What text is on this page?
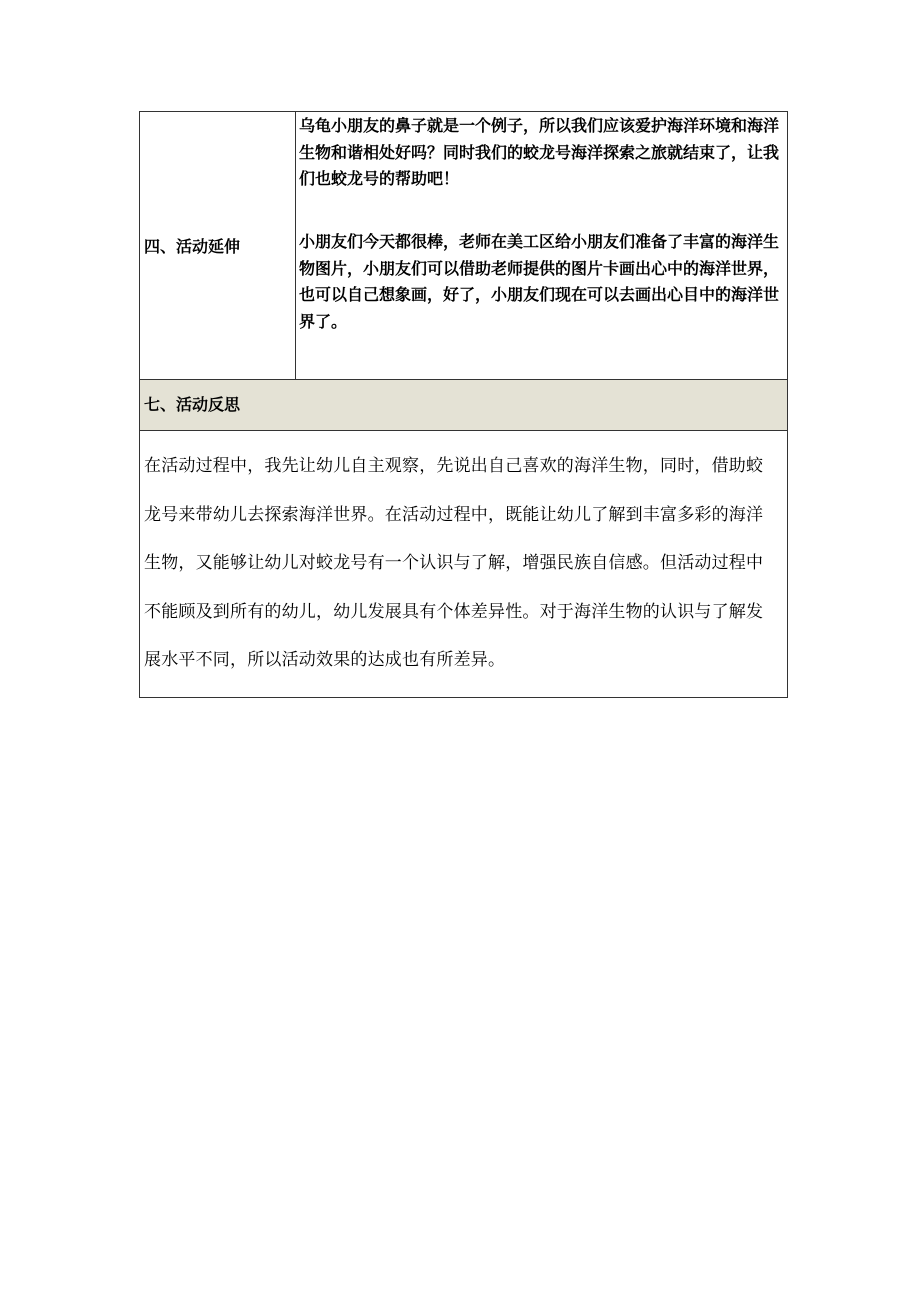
四、活动延伸

乌龟小朋友的鼻子就是一个例子，所以我们应该爱护海洋环境和海洋生物和谐相处好吗？同时我们的蛟龙号海洋探索之旅就结束了，让我们也蛟龙号的帮助吧！

小朋友们今天都很棒，老师在美工区给小朋友们准备了丰富的海洋生物图片，小朋友们可以借助老师提供的图片卡画出心中的海洋世界，也可以自己想象画，好了，小朋友们现在可以去画出心目中的海洋世界了。

七、活动反思

在活动过程中，我先让幼儿自主观察，先说出自己喜欢的海洋生物，同时，借助蛟龙号来带幼儿去探索海洋世界。在活动过程中，既能让幼儿了解到丰富多彩的海洋生物，又能够让幼儿对蛟龙号有一个认识与了解，增强民族自信感。但活动过程中不能顾及到所有的幼儿，幼儿发展具有个体差异性。对于海洋生物的认识与了解发展水平不同，所以活动效果的达成也有所差异。
